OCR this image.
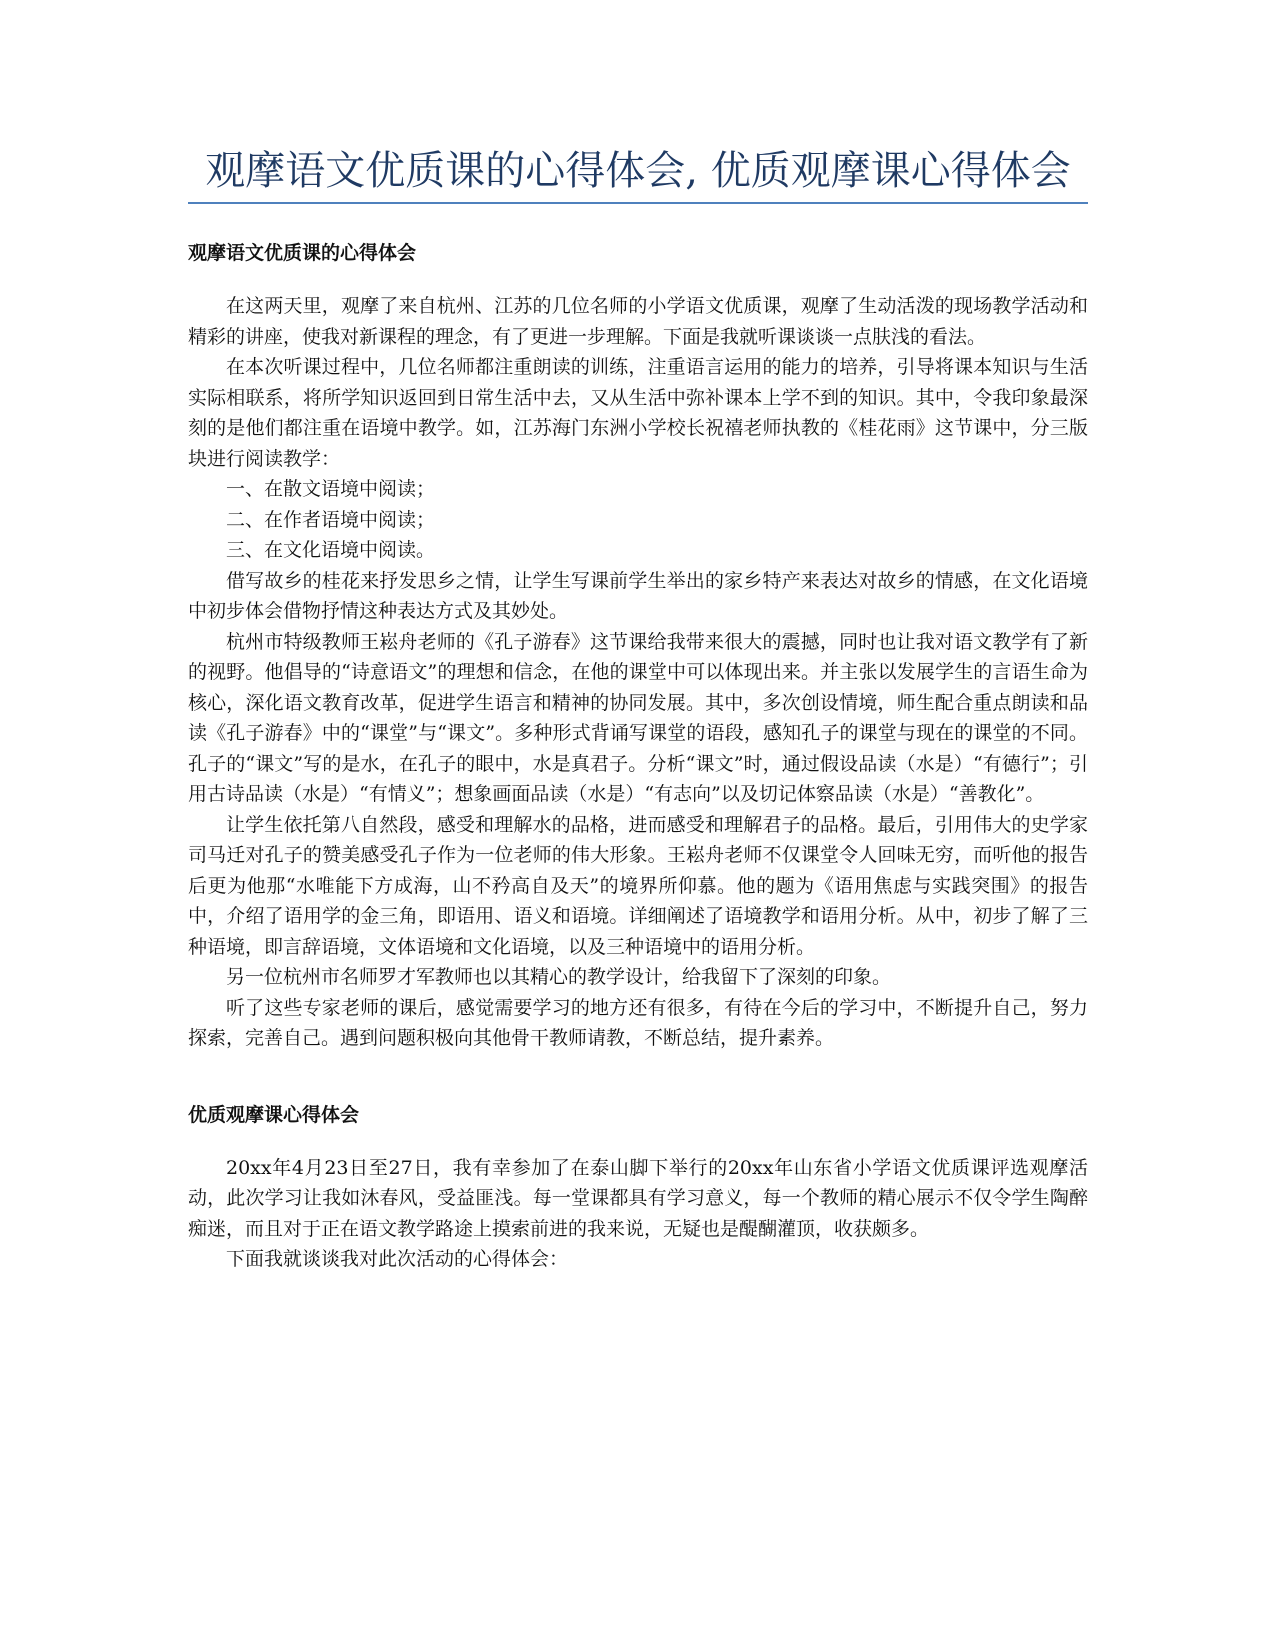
观摩语文优质课的心得体会, 优质观摩课心得体会
观摩语文优质课的心得体会

在这两天里，观摩了来自杭州、江苏的几位名师的小学语文优质课，观摩了生动活泼的现场教学活动和精彩的讲座，使我对新课程的理念，有了更进一步理解。下面是我就听课谈谈一点肤浅的看法。

在本次听课过程中，几位名师都注重朗读的训练，注重语言运用的能力的培养，引导将课本知识与生活实际相联系，将所学知识返回到日常生活中去，又从生活中弥补课本上学不到的知识。其中，令我印象最深刻的是他们都注重在语境中教学。如，江苏海门东洲小学校长祝禧老师执教的《桂花雨》这节课中，分三版块进行阅读教学：

一、在散文语境中阅读；

二、在作者语境中阅读；

三、在文化语境中阅读。

借写故乡的桂花来抒发思乡之情，让学生写课前学生举出的家乡特产来表达对故乡的情感，在文化语境中初步体会借物抒情这种表达方式及其妙处。

杭州市特级教师王崧舟老师的《孔子游春》这节课给我带来很大的震撼，同时也让我对语文教学有了新的视野。他倡导的“诗意语文”的理想和信念，在他的课堂中可以体现出来。并主张以发展学生的言语生命为核心，深化语文教育改革，促进学生语言和精神的协同发展。其中，多次创设情境，师生配合重点朗读和品读《孔子游春》中的“课堂”与“课文”。多种形式背诵写课堂的语段，感知孔子的课堂与现在的课堂的不同。孔子的“课文”写的是水，在孔子的眼中，水是真君子。分析“课文”时，通过假设品读（水是）“有德行”；引用古诗品读（水是）“有情义”；想象画面品读（水是）“有志向”以及切记体察品读（水是）“善教化”。

让学生依托第八自然段，感受和理解水的品格，进而感受和理解君子的品格。最后，引用伟大的史学家司马迁对孔子的赞美感受孔子作为一位老师的伟大形象。王崧舟老师不仅课堂令人回味无穷，而听他的报告后更为他那“水唯能下方成海，山不矜高自及天”的境界所仰慕。他的题为《语用焦虑与实践突围》的报告中，介绍了语用学的金三角，即语用、语义和语境。详细阐述了语境教学和语用分析。从中，初步了解了三种语境，即言辞语境，文体语境和文化语境，以及三种语境中的语用分析。

另一位杭州市名师罗才军教师也以其精心的教学设计，给我留下了深刻的印象。

听了这些专家老师的课后，感觉需要学习的地方还有很多，有待在今后的学习中，不断提升自己，努力探索，完善自己。遇到问题积极向其他骨干教师请教，不断总结，提升素养。

优质观摩课心得体会

20xx年4月23日至27日，我有幸参加了在泰山脚下举行的20xx年山东省小学语文优质课评选观摩活动，此次学习让我如沐春风，受益匪浅。每一堂课都具有学习意义，每一个教师的精心展示不仅令学生陶醉痴迷，而且对于正在语文教学路途上摸索前进的我来说，无疑也是醍醐灌顶，收获颇多。

下面我就谈谈我对此次活动的心得体会：
